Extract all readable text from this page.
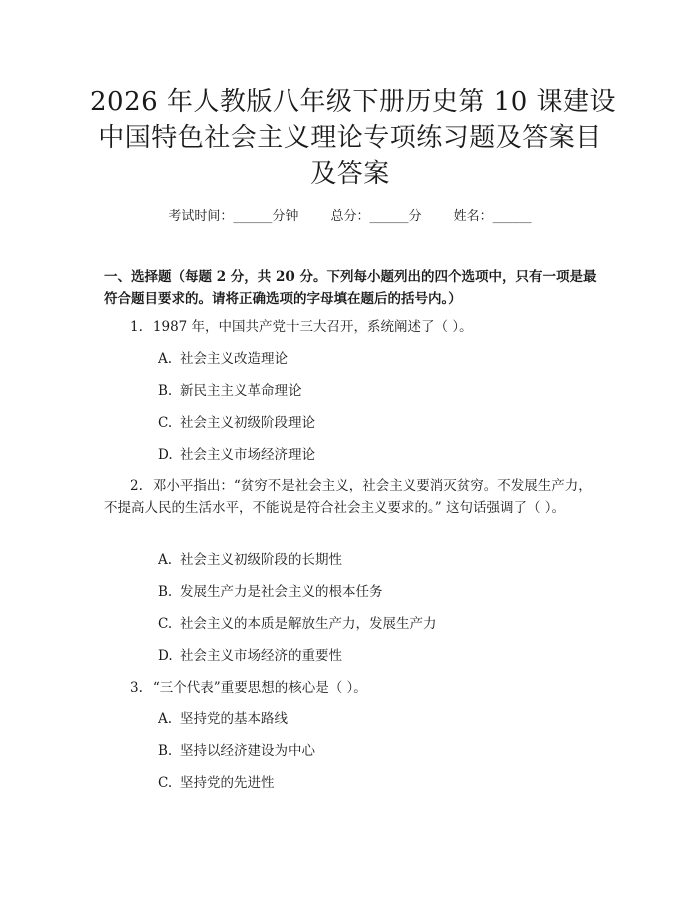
2026 年人教版八年级下册历史第 10 课建设
中国特色社会主义理论专项练习题及答案目
及答案
考试时间：______分钟 总分：______分 姓名：______

一、选择题（每题 2 分，共 20 分。下列每小题列出的四个选项中，只有一项是最符合题目要求的。请将正确选项的字母填在题后的括号内。）

1. 1987 年，中国共产党十三大召开，系统阐述了（ ）。

A. 社会主义改造理论
B. 新民主主义革命理论
C. 社会主义初级阶段理论
D. 社会主义市场经济理论

2. 邓小平指出：“贫穷不是社会主义，社会主义要消灭贫穷。不发展生产力，不提高人民的生活水平，不能说是符合社会主义要求的。” 这句话强调了（ ）。

A. 社会主义初级阶段的长期性
B. 发展生产力是社会主义的根本任务
C. 社会主义的本质是解放生产力，发展生产力
D. 社会主义市场经济的重要性

3. “三个代表”重要思想的核心是（ ）。

A. 坚持党的基本路线
B. 坚持以经济建设为中心
C. 坚持党的先进性
